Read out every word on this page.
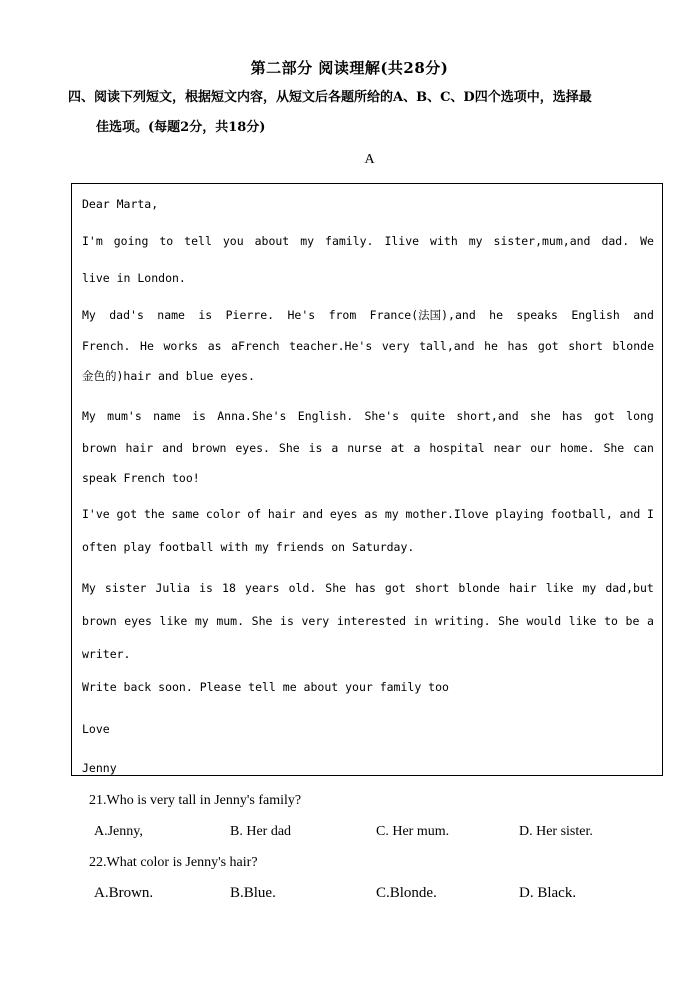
第二部分 阅读理解(共28分)
四、阅读下列短文，根据短文内容，从短文后各题所给的A、B、C、D四个选项中，选择最
佳选项。(每题2分，共18分)
A
Dear Marta,
I'm going to tell you about my family. Ilive with my sister,mum,and dad. We
live in London.
My dad's name is Pierre. He's from France(法国),and he speaks English and
French. He works as aFrench teacher.He's very tall,and he has got short blonde
金色的)hair and blue eyes.
My mum's name is Anna.She's English. She's quite short,and she has got long
brown hair and brown eyes. She is a nurse at a hospital near our home. She can
speak French too!
I've got the same color of hair and eyes as my mother.Ilove playing football, and I
often play football with my friends on Saturday.
My sister Julia is 18 years old. She has got short blonde hair like my dad,but
brown eyes like my mum. She is very interested in writing. She would like to be a
writer.
Write back soon. Please tell me about your family too
Love
Jenny
21.Who is very tall in Jenny's family?
A.Jenny,	B. Her dad	C. Her mum.	D. Her sister.
22.What color is Jenny's hair?
A.Brown.	B.Blue.	C.Blonde.	D. Black.
